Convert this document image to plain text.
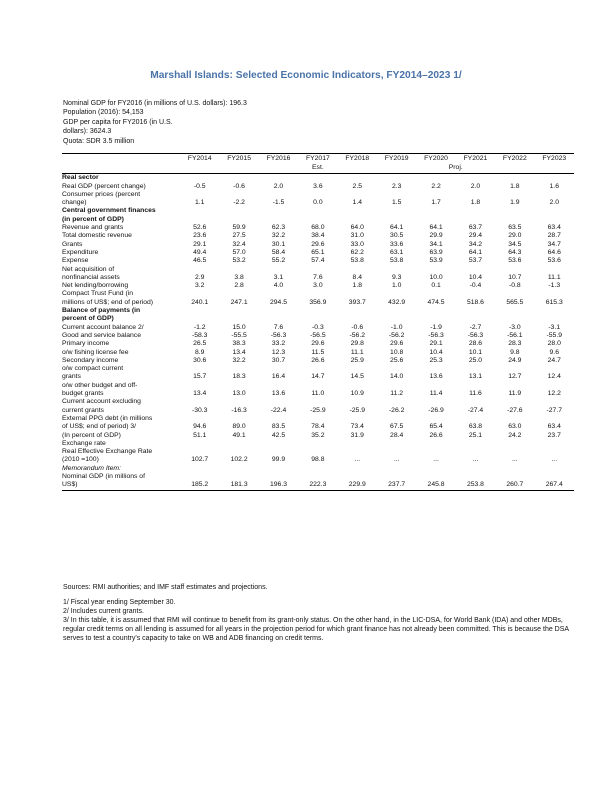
Marshall Islands: Selected Economic Indicators, FY2014–2023 1/
Nominal GDP for FY2016 (in millions of U.S. dollars): 196.3
Population (2016): 54,153
GDP per capita for FY2016 (in U.S. dollars): 3624.3
Quota: SDR 3.5 million
	FY2014	FY2015	FY2016	FY2017	FY2018	FY2019	FY2020	FY2021	FY2022	FY2023
				Est.			Proj.			
Real sector										
Real GDP (percent change)	-0.5	-0.6	2.0	3.6	2.5	2.3	2.2	2.0	1.8	1.6
Consumer prices (percent										
change)	1.1	-2.2	-1.5	0.0	1.4	1.5	1.7	1.8	1.9	2.0
Central government finances										
(in percent of GDP)										
Revenue and grants	52.6	59.9	62.3	68.0	64.0	64.1	64.1	63.7	63.5	63.4
Total domestic revenue	23.6	27.5	32.2	38.4	31.0	30.5	29.9	29.4	29.0	28.7
Grants	29.1	32.4	30.1	29.6	33.0	33.6	34.1	34.2	34.5	34.7
Expenditure	49.4	57.0	58.4	65.1	62.2	63.1	63.9	64.1	64.3	64.6
Expense	46.5	53.2	55.2	57.4	53.8	53.8	53.9	53.7	53.6	53.6
Net acquisition of										
nonfinancial assets	2.9	3.8	3.1	7.6	8.4	9.3	10.0	10.4	10.7	11.1
Net lending/borrowing	3.2	2.8	4.0	3.0	1.8	1.0	0.1	-0.4	-0.8	-1.3
Compact Trust Fund (in										
millions of US$; end of period)	240.1	247.1	294.5	356.9	393.7	432.9	474.5	518.6	565.5	615.3
Balance of payments (in										
percent of GDP)										
Current account balance 2/	-1.2	15.0	7.6	-0.3	-0.6	-1.0	-1.9	-2.7	-3.0	-3.1
Good and service balance	-58.3	-55.5	-56.3	-56.5	-56.2	-56.2	-56.3	-56.3	-56.1	-55.9
Primary income	26.5	38.3	33.2	29.6	29.8	29.6	29.1	28.6	28.3	28.0
o/w fishing license fee	8.9	13.4	12.3	11.5	11.1	10.8	10.4	10.1	9.8	9.6
Secondary income	30.6	32.2	30.7	26.6	25.9	25.6	25.3	25.0	24.9	24.7
o/w compact current										
grants	15.7	18.3	16.4	14.7	14.5	14.0	13.6	13.1	12.7	12.4
o/w other budget and off-										
budget grants	13.4	13.0	13.6	11.0	10.9	11.2	11.4	11.6	11.9	12.2
Current account excluding										
current grants	-30.3	-16.3	-22.4	-25.9	-25.9	-26.2	-26.9	-27.4	-27.6	-27.7
External PPG debt (in millions										
of US$; end of period) 3/	94.6	89.0	83.5	78.4	73.4	67.5	65.4	63.8	63.0	63.4
(In percent of GDP)	51.1	49.1	42.5	35.2	31.9	28.4	26.6	25.1	24.2	23.7
Exchange rate										
Real Effective Exchange Rate										
(2010 =100)	102.7	102.2	99.9	98.8	...	...	...	...	...	...
Memorandum Item:										
Nominal GDP (in millions of										
US$)	185.2	181.3	196.3	222.3	229.9	237.7	245.8	253.8	260.7	267.4
Sources: RMI authorities; and IMF staff estimates and projections.
1/ Fiscal year ending September 30.
2/ Includes current grants.
3/ In this table, it is assumed that RMI will continue to benefit from its grant-only status. On the other hand, in the LIC-DSA, for World Bank (IDA) and other MDBs, regular credit terms on all lending is assumed for all years in the projection period for which grant finance has not already been committed. This is because the DSA serves to test a country's capacity to take on WB and ADB financing on credit terms.
